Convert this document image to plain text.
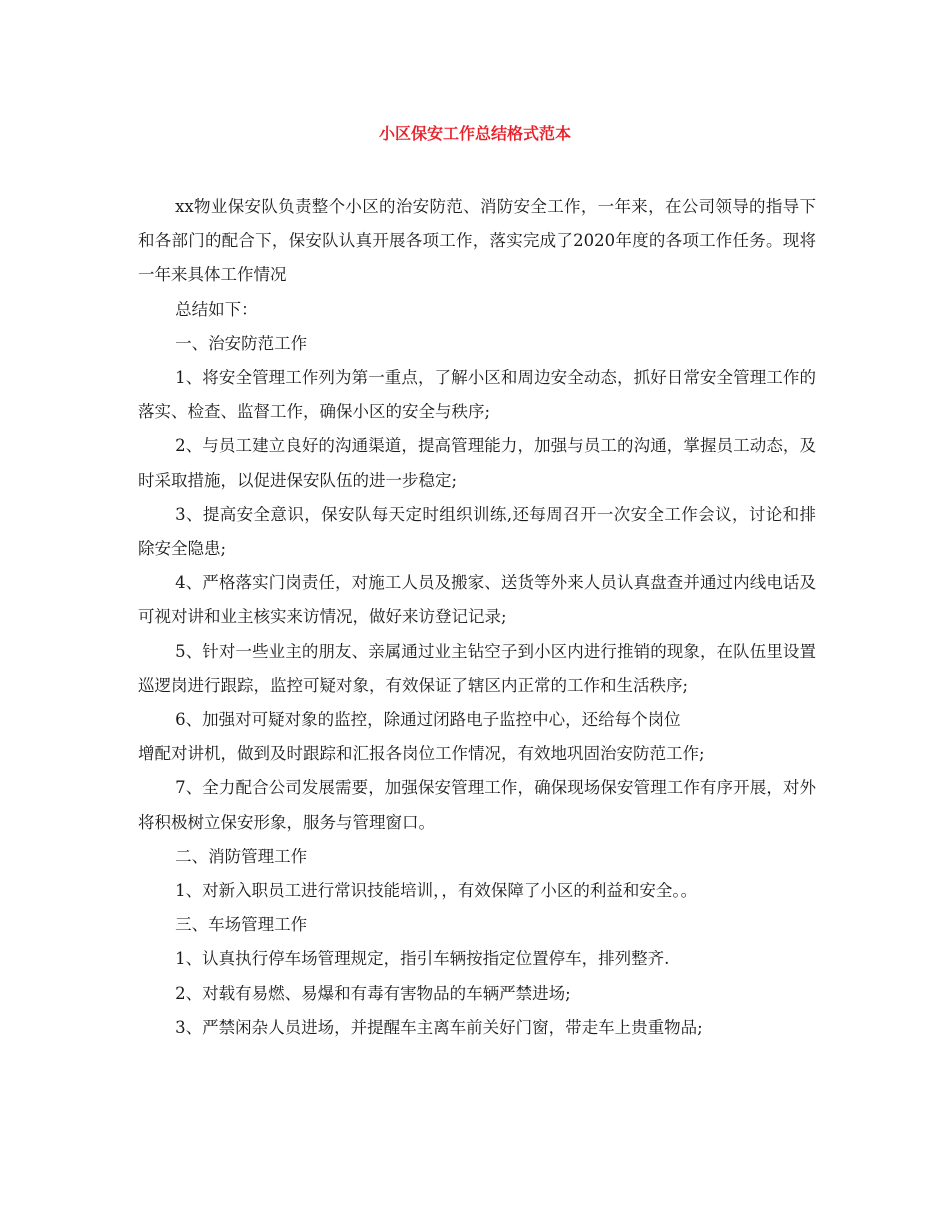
小区保安工作总结格式范本

xx物业保安队负责整个小区的治安防范、消防安全工作，一年来，在公司领导的指导下和各部门的配合下，保安队认真开展各项工作，落实完成了2020年度的各项工作任务。现将一年来具体工作情况

总结如下：

一、治安防范工作

1、将安全管理工作列为第一重点，了解小区和周边安全动态，抓好日常安全管理工作的落实、检查、监督工作，确保小区的安全与秩序;

2、与员工建立良好的沟通渠道，提高管理能力，加强与员工的沟通，掌握员工动态，及时采取措施，以促进保安队伍的进一步稳定;

3、提高安全意识，保安队每天定时组织训练,还每周召开一次安全工作会议，讨论和排除安全隐患;

4、严格落实门岗责任，对施工人员及搬家、送货等外来人员认真盘查并通过内线电话及可视对讲和业主核实来访情况，做好来访登记记录;

5、针对一些业主的朋友、亲属通过业主钻空子到小区内进行推销的现象，在队伍里设置巡逻岗进行跟踪，监控可疑对象，有效保证了辖区内正常的工作和生活秩序;

6、加强对可疑对象的监控，除通过闭路电子监控中心，还给每个岗位

增配对讲机，做到及时跟踪和汇报各岗位工作情况，有效地巩固治安防范工作;

7、全力配合公司发展需要，加强保安管理工作，确保现场保安管理工作有序开展，对外将积极树立保安形象，服务与管理窗口。

二、消防管理工作

1、对新入职员工进行常识技能培训，，有效保障了小区的利益和安全。。

三、车场管理工作

1、认真执行停车场管理规定，指引车辆按指定位置停车，排列整齐.

2、对载有易燃、易爆和有毒有害物品的车辆严禁进场;

3、严禁闲杂人员进场，并提醒车主离车前关好门窗，带走车上贵重物品;
